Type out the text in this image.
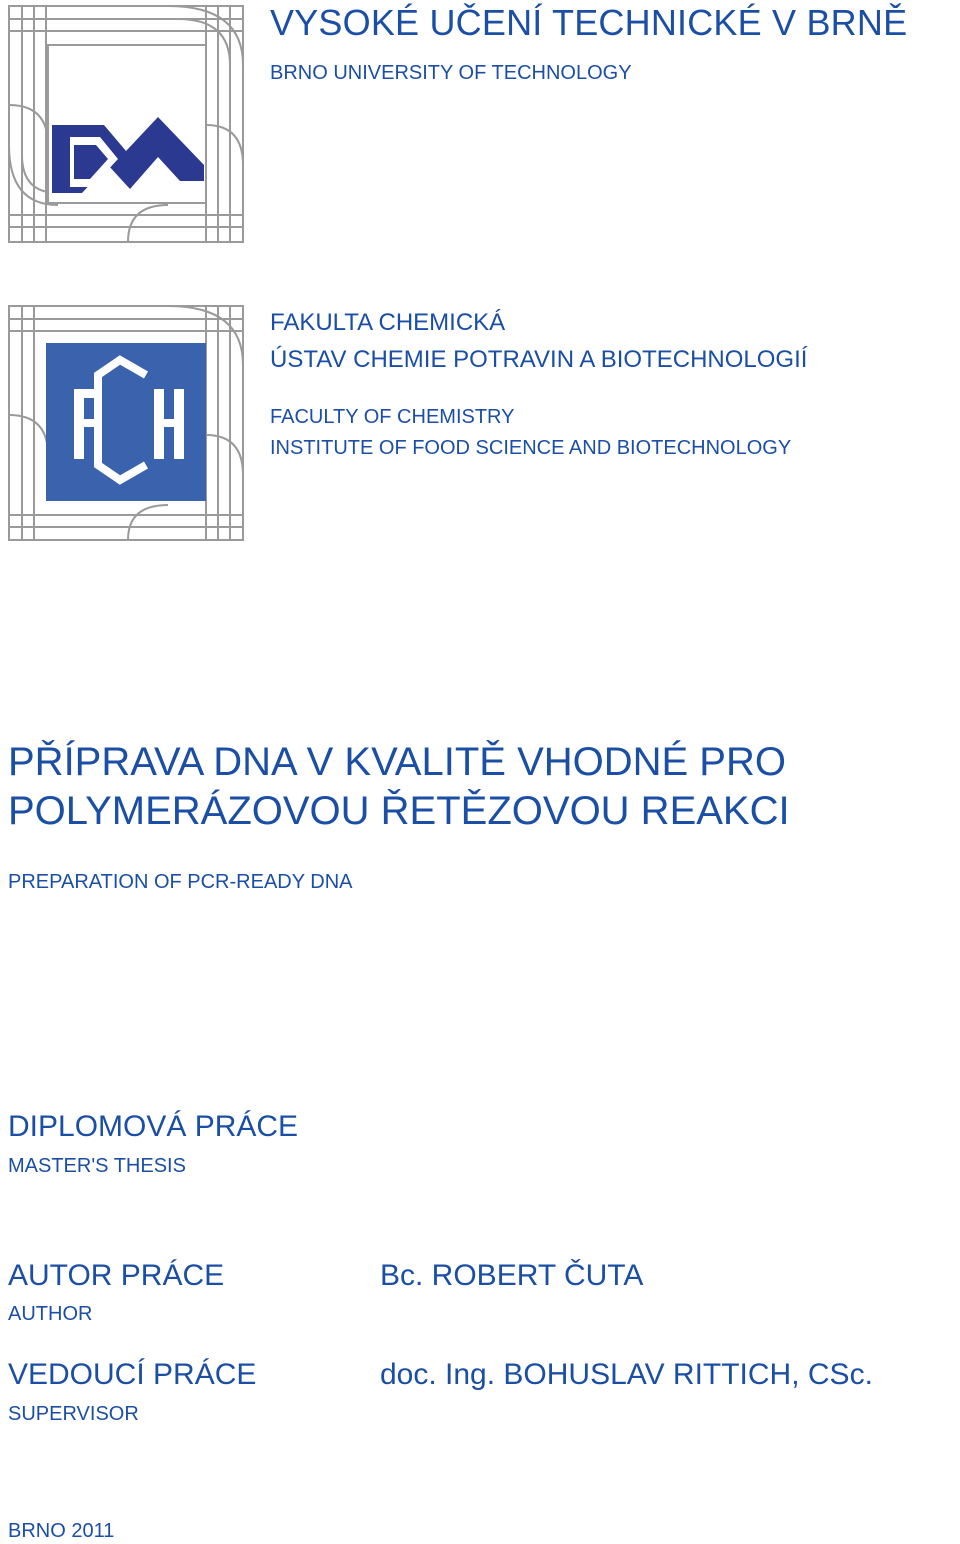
VYSOKÉ UČENÍ TECHNICKÉ V BRNĚ
BRNO UNIVERSITY OF TECHNOLOGY
FAKULTA CHEMICKÁ
ÚSTAV CHEMIE POTRAVIN A BIOTECHNOLOGIÍ
FACULTY OF CHEMISTRY
INSTITUTE OF FOOD SCIENCE AND BIOTECHNOLOGY
PŘÍPRAVA DNA V KVALITĚ VHODNÉ PRO
POLYMERÁZOVOU ŘETĚZOVOU REAKCI
PREPARATION OF PCR-READY DNA
DIPLOMOVÁ PRÁCE
MASTER'S THESIS
AUTOR PRÁCE
AUTHOR
Bc. ROBERT ČUTA
VEDOUCÍ PRÁCE
SUPERVISOR
doc. Ing. BOHUSLAV RITTICH, CSc.
BRNO 2011
